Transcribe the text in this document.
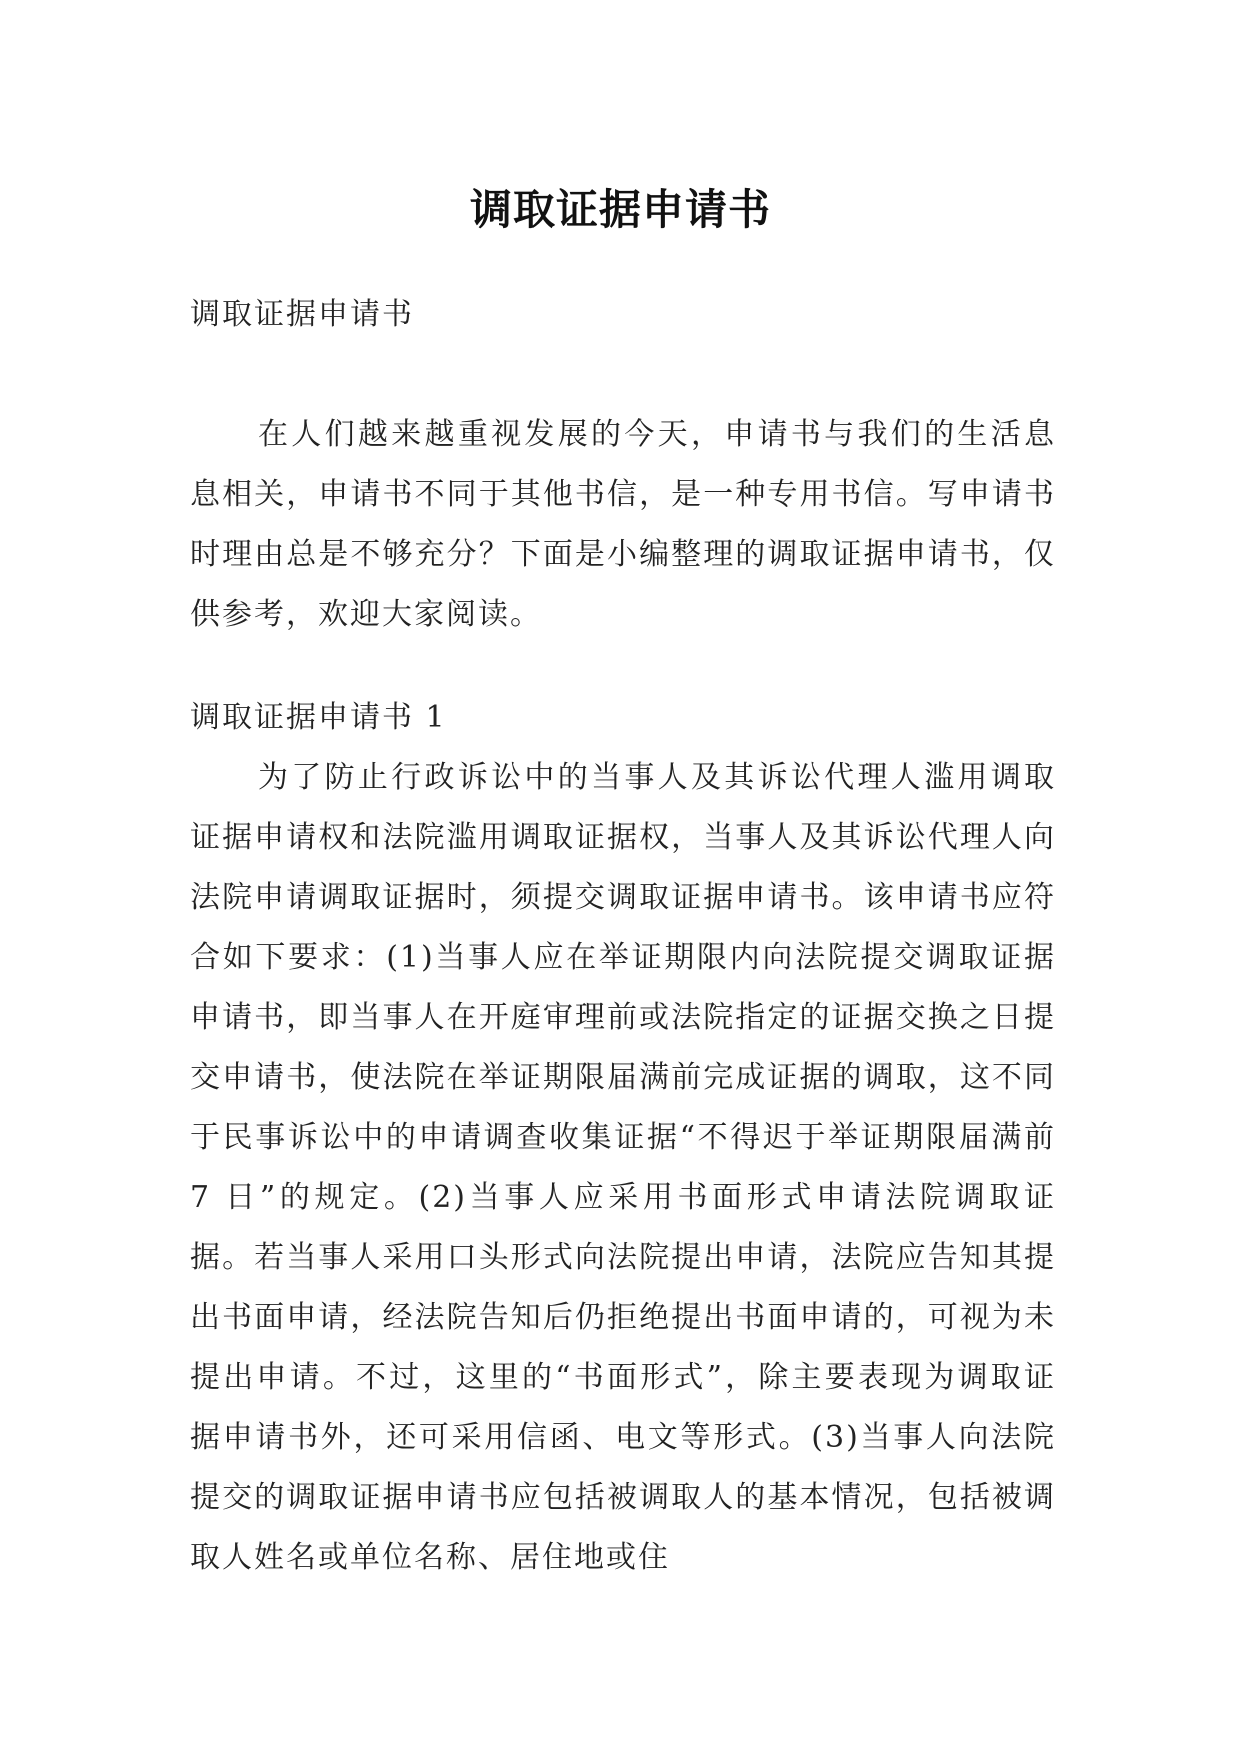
调取证据申请书

调取证据申请书

在人们越来越重视发展的今天，申请书与我们的生活息息相关，申请书不同于其他书信，是一种专用书信。写申请书时理由总是不够充分？下面是小编整理的调取证据申请书，仅供参考，欢迎大家阅读。

调取证据申请书 1

为了防止行政诉讼中的当事人及其诉讼代理人滥用调取证据申请权和法院滥用调取证据权，当事人及其诉讼代理人向法院申请调取证据时，须提交调取证据申请书。该申请书应符合如下要求：(1)当事人应在举证期限内向法院提交调取证据申请书，即当事人在开庭审理前或法院指定的证据交换之日提交申请书，使法院在举证期限届满前完成证据的调取，这不同于民事诉讼中的申请调查收集证据“不得迟于举证期限届满前 7 日”的规定。(2)当事人应采用书面形式申请法院调取证据。若当事人采用口头形式向法院提出申请，法院应告知其提出书面申请，经法院告知后仍拒绝提出书面申请的，可视为未提出申请。不过，这里的“书面形式”，除主要表现为调取证据申请书外，还可采用信函、电文等形式。(3)当事人向法院提交的调取证据申请书应包括被调取人的基本情况，包括被调取人姓名或单位名称、居住地或住
